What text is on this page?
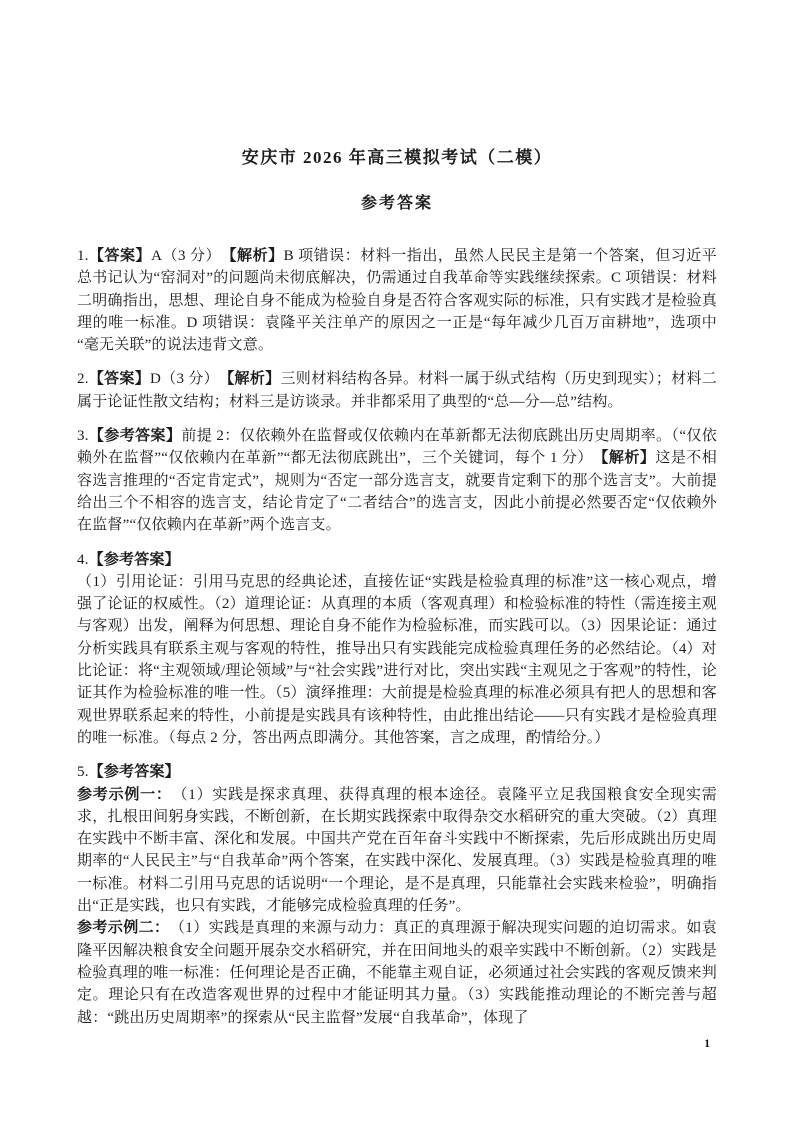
安庆市 2026 年高三模拟考试（二模）
参考答案

1.【答案】A（3 分）　【解析】B 项错误：材料一指出，虽然人民民主是第一个答案，但习近平总书记认为“窑洞对”的问题尚未彻底解决，仍需通过自我革命等实践继续探索。C 项错误：材料二明确指出，思想、理论自身不能成为检验自身是否符合客观实际的标准，只有实践才是检验真理的唯一标准。D 项错误：袁隆平关注单产的原因之一正是“每年减少几百万亩耕地”，选项中“毫无关联”的说法违背文意。

2.【答案】D（3 分）　【解析】三则材料结构各异。材料一属于纵式结构（历史到现实）；材料二属于论证性散文结构；材料三是访谈录。并非都采用了典型的“总—分—总”结构。

3.【参考答案】前提 2：仅依赖外在监督或仅依赖内在革新都无法彻底跳出历史周期率。（“仅依赖外在监督”“仅依赖内在革新”“都无法彻底跳出”，三个关键词，每个 1 分）　【解析】这是不相容选言推理的“否定肯定式”，规则为“否定一部分选言支，就要肯定剩下的那个选言支”。大前提给出三个不相容的选言支，结论肯定了“二者结合”的选言支，因此小前提必然要否定“仅依赖外在监督”“仅依赖内在革新”两个选言支。

4.【参考答案】

（1）引用论证：引用马克思的经典论述，直接佐证“实践是检验真理的标准”这一核心观点，增强了论证的权威性。（2）道理论证：从真理的本质（客观真理）和检验标准的特性（需连接主观与客观）出发，阐释为何思想、理论自身不能作为检验标准，而实践可以。（3）因果论证：通过分析实践具有联系主观与客观的特性，推导出只有实践能完成检验真理任务的必然结论。（4）对比论证：将“主观领域/理论领域”与“社会实践”进行对比，突出实践“主观见之于客观”的特性，论证其作为检验标准的唯一性。（5）演绎推理：大前提是检验真理的标准必须具有把人的思想和客观世界联系起来的特性，小前提是实践具有该种特性，由此推出结论——只有实践才是检验真理的唯一标准。（每点 2 分，答出两点即满分。其他答案，言之成理，酌情给分。）

5.【参考答案】

参考示例一：　（1）实践是探求真理、获得真理的根本途径。袁隆平立足我国粮食安全现实需求，扎根田间躬身实践，不断创新，在长期实践探索中取得杂交水稻研究的重大突破。（2）真理在实践中不断丰富、深化和发展。中国共产党在百年奋斗实践中不断探索，先后形成跳出历史周期率的“人民民主”与“自我革命”两个答案，在实践中深化、发展真理。（3）实践是检验真理的唯一标准。材料二引用马克思的话说明“一个理论，是不是真理，只能靠社会实践来检验”，明确指出“正是实践，也只有实践，才能够完成检验真理的任务”。

参考示例二：　（1）实践是真理的来源与动力：真正的真理源于解决现实问题的迫切需求。如袁隆平因解决粮食安全问题开展杂交水稻研究，并在田间地头的艰辛实践中不断创新。（2）实践是检验真理的唯一标准：任何理论是否正确，不能靠主观自证，必须通过社会实践的客观反馈来判定。理论只有在改造客观世界的过程中才能证明其力量。（3）实践能推动理论的不断完善与超越：“跳出历史周期率”的探索从“民主监督”发展“自我革命”，体现了

1
